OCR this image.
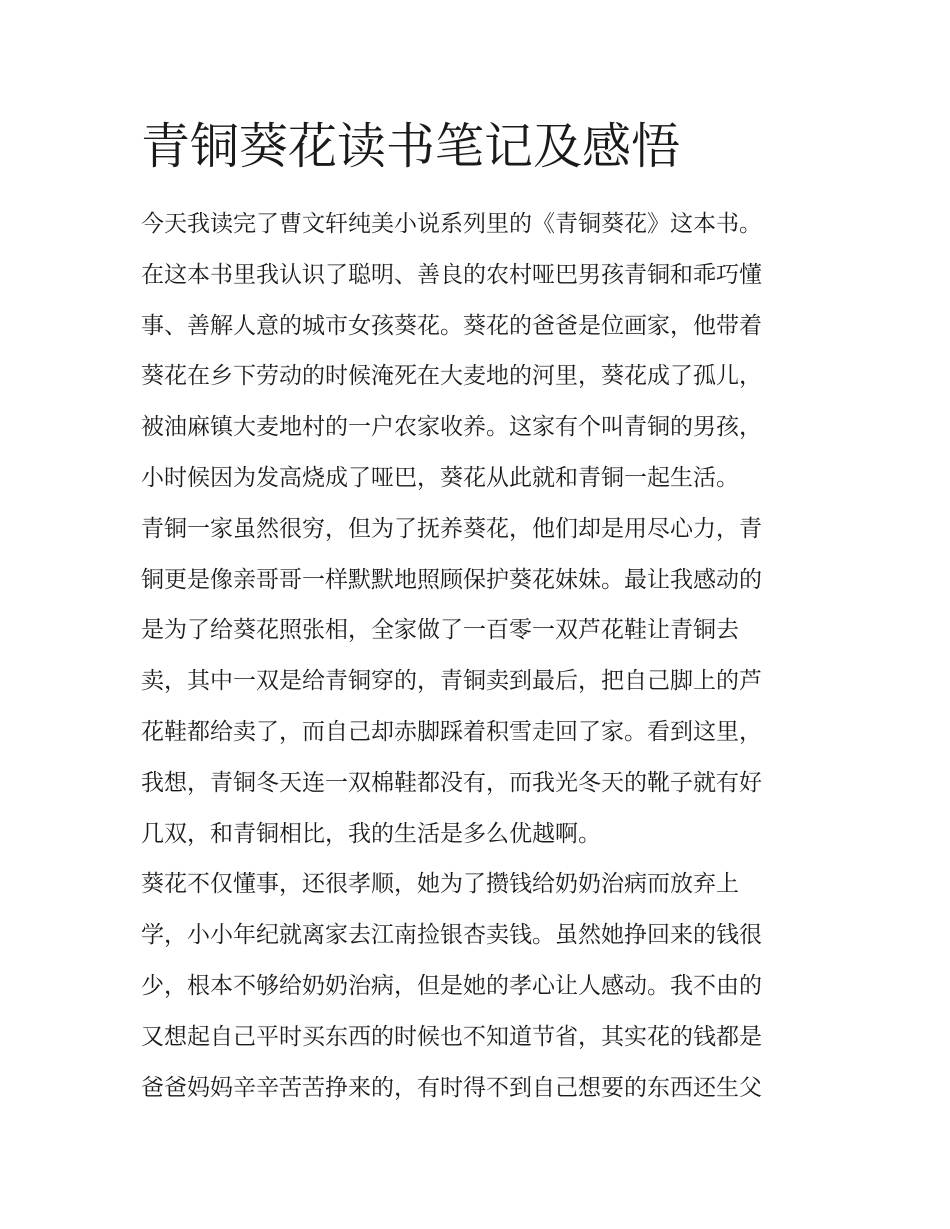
青铜葵花读书笔记及感悟
今天我读完了曹文轩纯美小说系列里的《青铜葵花》这本书。
在这本书里我认识了聪明、善良的农村哑巴男孩青铜和乖巧懂
事、善解人意的城市女孩葵花。葵花的爸爸是位画家，他带着
葵花在乡下劳动的时候淹死在大麦地的河里，葵花成了孤儿，
被油麻镇大麦地村的一户农家收养。这家有个叫青铜的男孩，
小时候因为发高烧成了哑巴，葵花从此就和青铜一起生活。
青铜一家虽然很穷，但为了抚养葵花，他们却是用尽心力，青
铜更是像亲哥哥一样默默地照顾保护葵花妹妹。最让我感动的
是为了给葵花照张相，全家做了一百零一双芦花鞋让青铜去
卖，其中一双是给青铜穿的，青铜卖到最后，把自己脚上的芦
花鞋都给卖了，而自己却赤脚踩着积雪走回了家。看到这里，
我想，青铜冬天连一双棉鞋都没有，而我光冬天的靴子就有好
几双，和青铜相比，我的生活是多么优越啊。
葵花不仅懂事，还很孝顺，她为了攒钱给奶奶治病而放弃上
学，小小年纪就离家去江南捡银杏卖钱。虽然她挣回来的钱很
少，根本不够给奶奶治病，但是她的孝心让人感动。我不由的
又想起自己平时买东西的时候也不知道节省，其实花的钱都是
爸爸妈妈辛辛苦苦挣来的，有时得不到自己想要的东西还生父
